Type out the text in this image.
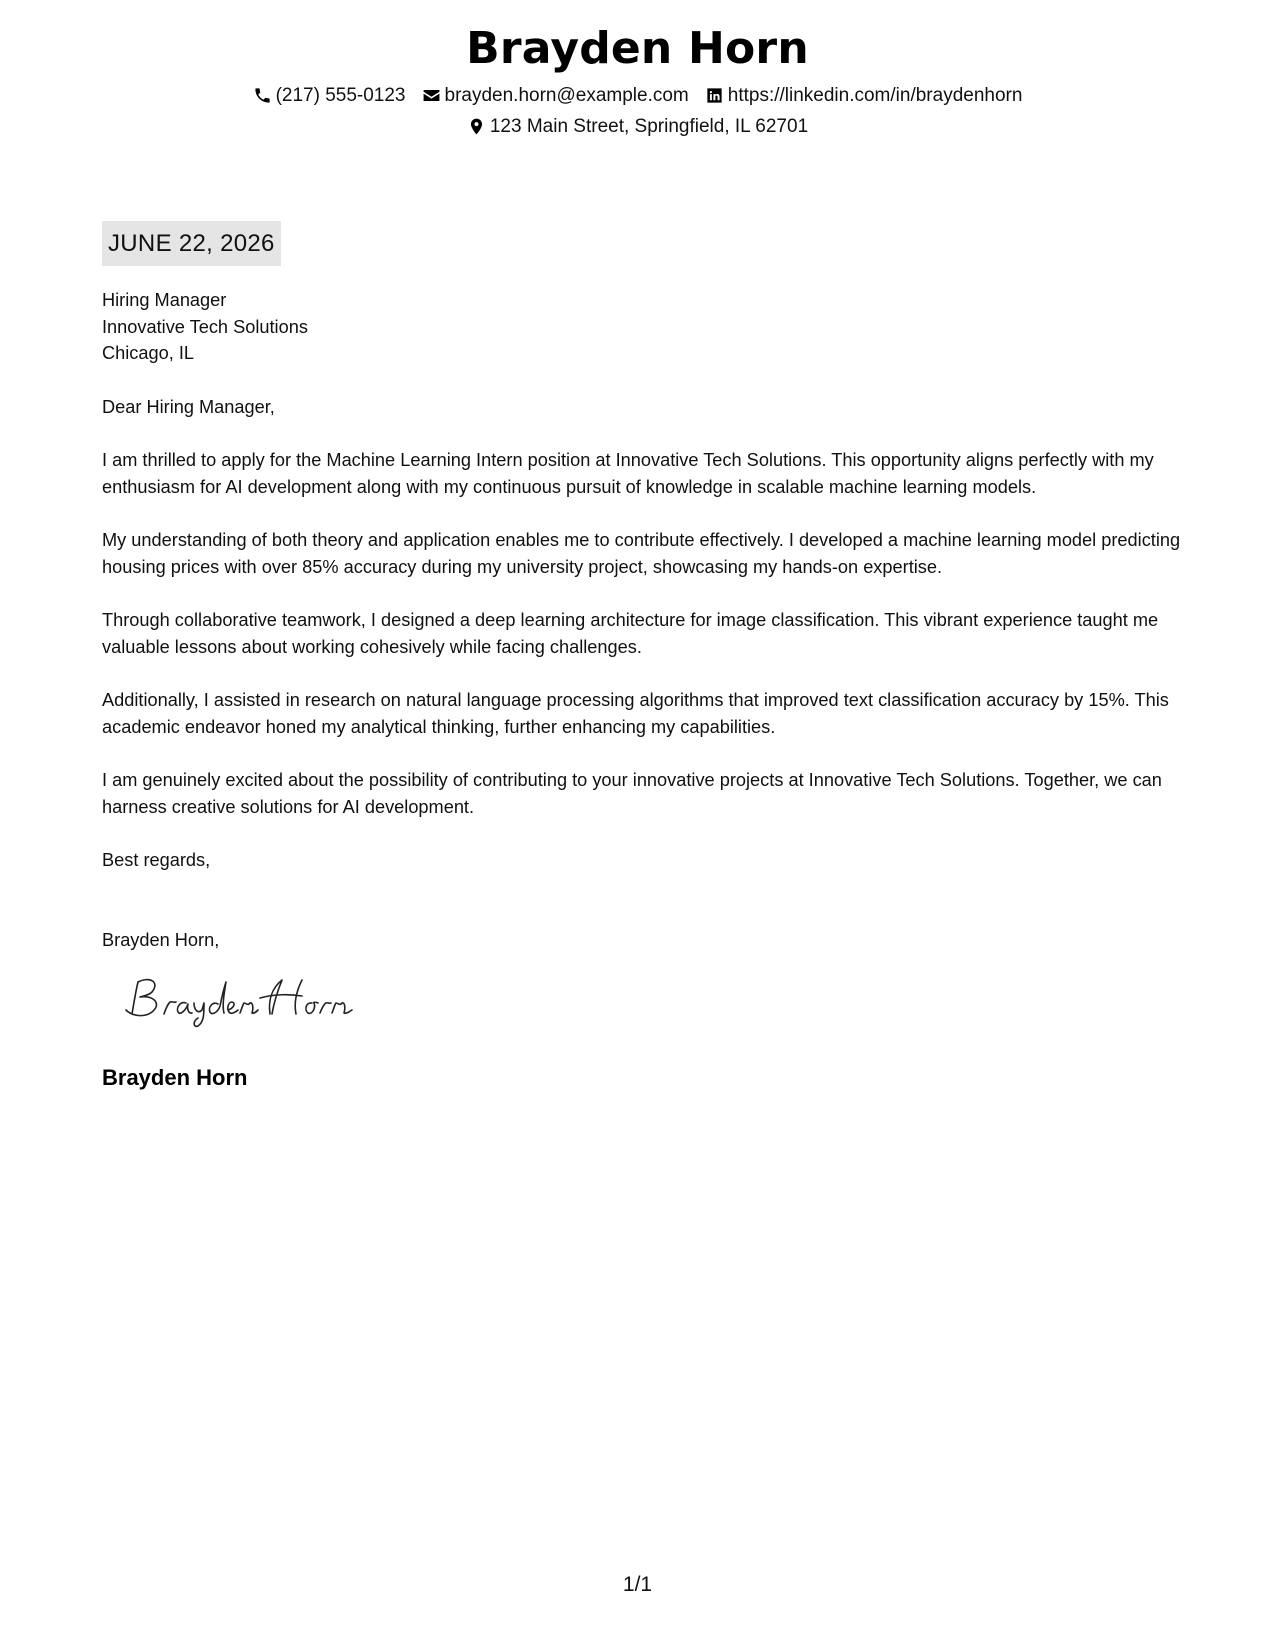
Brayden Horn
(217) 555-0123 brayden.horn@example.com https://linkedin.com/in/braydenhorn
123 Main Street, Springfield, IL 62701
JUNE 22, 2026
Hiring Manager
Innovative Tech Solutions
Chicago, IL
Dear Hiring Manager,
I am thrilled to apply for the Machine Learning Intern position at Innovative Tech Solutions. This opportunity aligns perfectly with my enthusiasm for AI development along with my continuous pursuit of knowledge in scalable machine learning models.
My understanding of both theory and application enables me to contribute effectively. I developed a machine learning model predicting housing prices with over 85% accuracy during my university project, showcasing my hands-on expertise.
Through collaborative teamwork, I designed a deep learning architecture for image classification. This vibrant experience taught me valuable lessons about working cohesively while facing challenges.
Additionally, I assisted in research on natural language processing algorithms that improved text classification accuracy by 15%. This academic endeavor honed my analytical thinking, further enhancing my capabilities.
I am genuinely excited about the possibility of contributing to your innovative projects at Innovative Tech Solutions. Together, we can harness creative solutions for AI development.
Best regards,
Brayden Horn,
Brayden Horn
1/1
